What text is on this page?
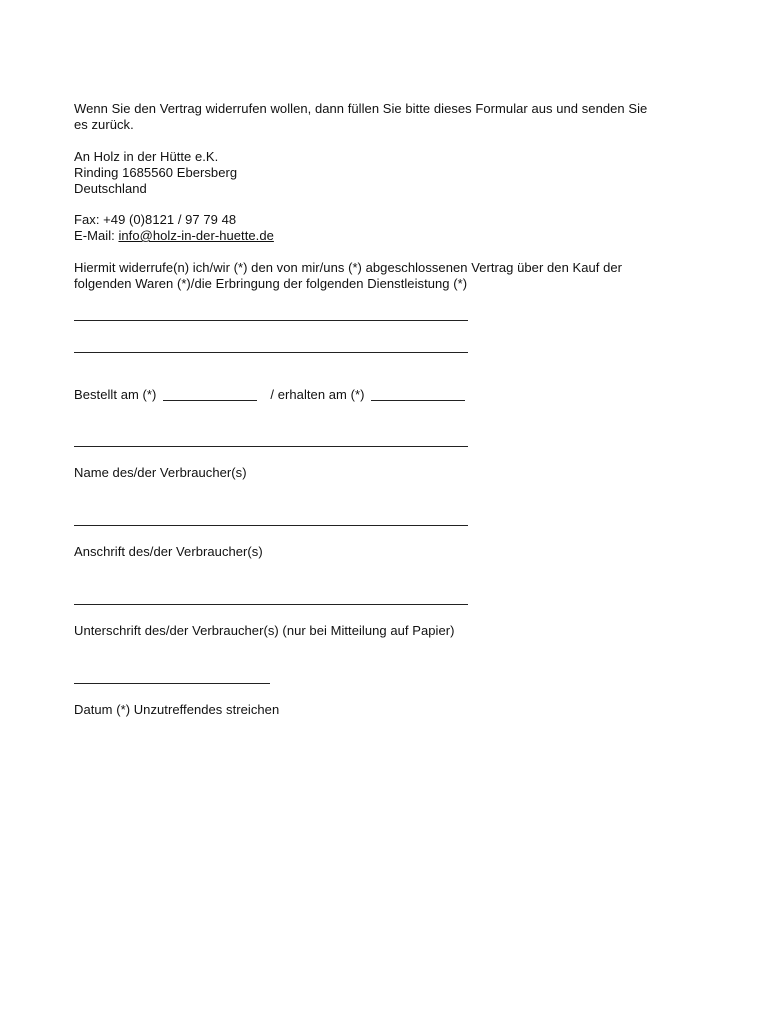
Wenn Sie den Vertrag widerrufen wollen, dann füllen Sie bitte dieses Formular aus und senden Sie
es zurück.
An Holz in der Hütte e.K.
Rinding 1685560 Ebersberg
Deutschland
Fax: +49 (0)8121 / 97 79 48
E-Mail: info@holz-in-der-huette.de
Hiermit widerrufe(n) ich/wir (*) den von mir/uns (*) abgeschlossenen Vertrag über den Kauf der
folgenden Waren (*)/die Erbringung der folgenden Dienstleistung (*)
Bestellt am (*)	/ erhalten am (*)
Name des/der Verbraucher(s)
Anschrift des/der Verbraucher(s)
Unterschrift des/der Verbraucher(s) (nur bei Mitteilung auf Papier)
Datum (*) Unzutreffendes streichen
